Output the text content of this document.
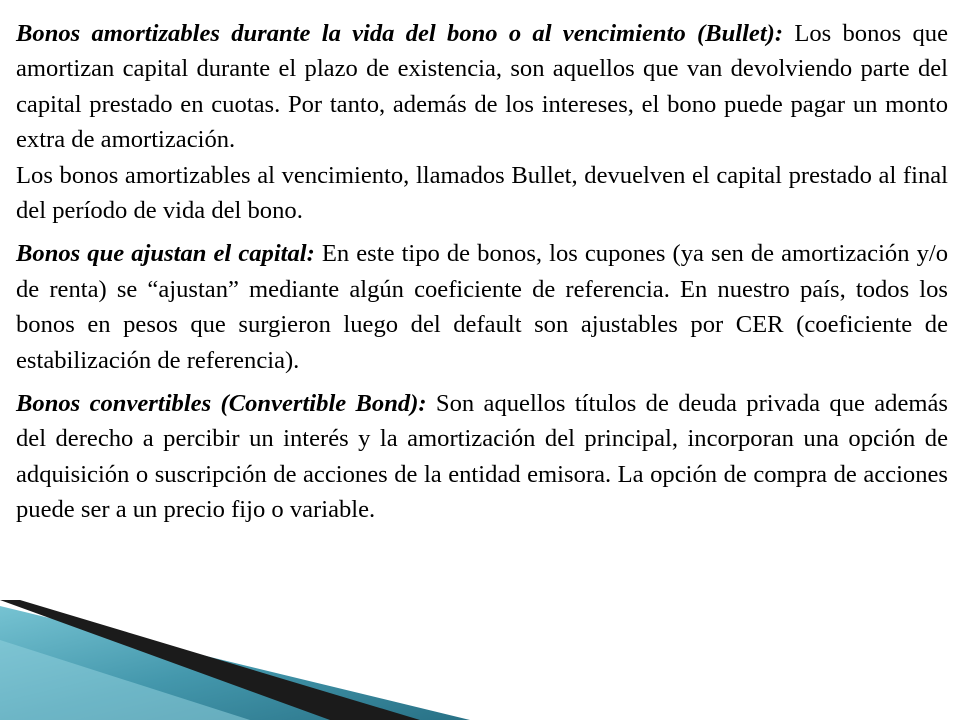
Bonos amortizables durante la vida del bono o al vencimiento (Bullet): Los bonos que amortizan capital durante el plazo de existencia, son aquellos que van devolviendo parte del capital prestado en cuotas. Por tanto, además de los intereses, el bono puede pagar un monto extra de amortización.

Los bonos amortizables al vencimiento, llamados Bullet, devuelven el capital prestado al final del período de vida del bono.

Bonos que ajustan el capital: En este tipo de bonos, los cupones (ya sen de amortización y/o de renta) se “ajustan” mediante algún coeficiente de referencia. En nuestro país, todos los bonos en pesos que surgieron luego del default son ajustables por CER (coeficiente de estabilización de referencia).

Bonos convertibles (Convertible Bond): Son aquellos títulos de deuda privada que además del derecho a percibir un interés y la amortización del principal, incorporan una opción de adquisición o suscripción de acciones de la entidad emisora. La opción de compra de acciones puede ser a un precio fijo o variable.
